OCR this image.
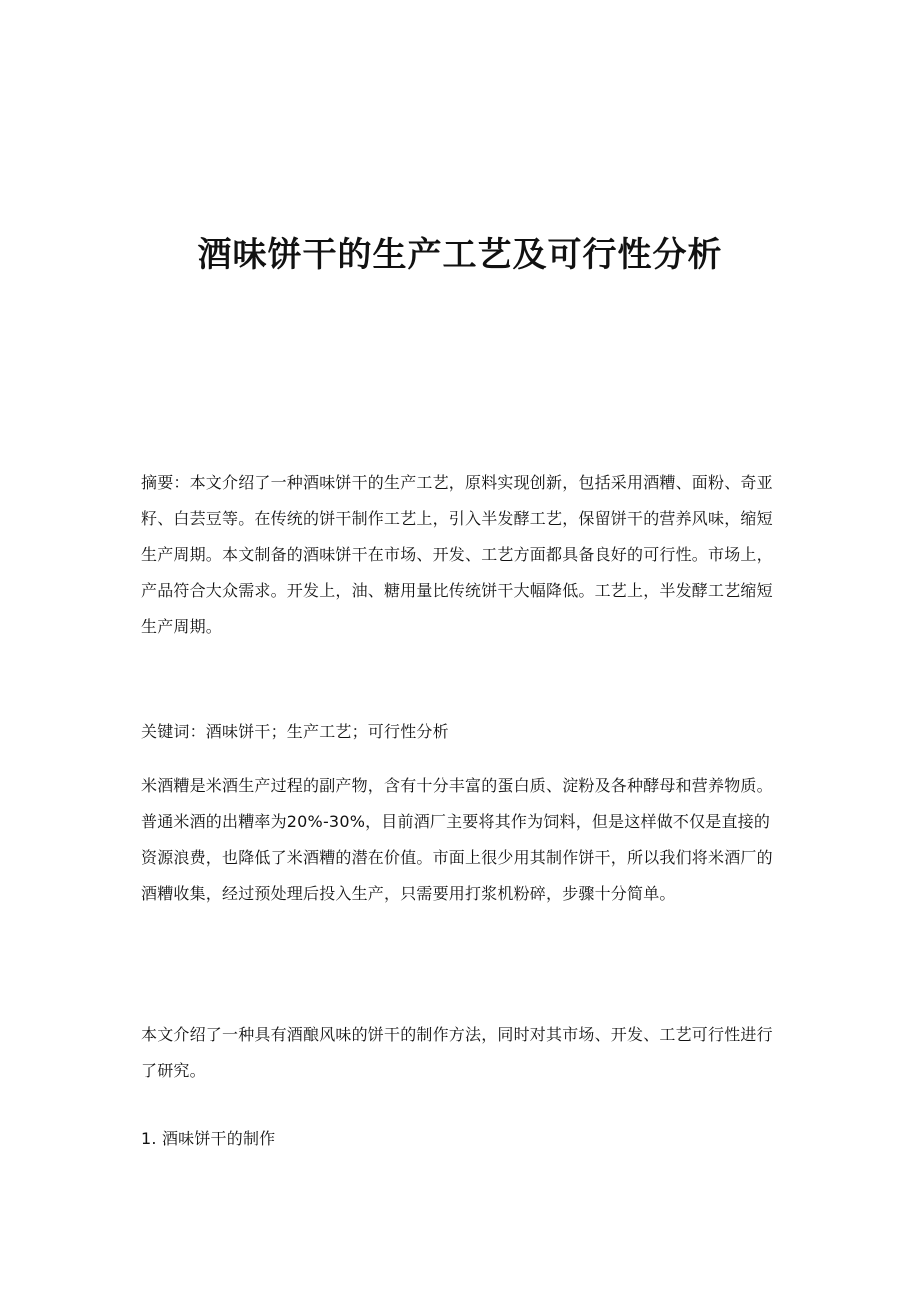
酒味饼干的生产工艺及可行性分析
摘要：本文介绍了一种酒味饼干的生产工艺，原料实现创新，包括采用酒糟、面粉、奇亚籽、白芸豆等。在传统的饼干制作工艺上，引入半发酵工艺，保留饼干的营养风味，缩短生产周期。本文制备的酒味饼干在市场、开发、工艺方面都具备良好的可行性。市场上，产品符合大众需求。开发上，油、糖用量比传统饼干大幅降低。工艺上，半发酵工艺缩短生产周期。
关键词：酒味饼干；生产工艺；可行性分析
米酒糟是米酒生产过程的副产物，含有十分丰富的蛋白质、淀粉及各种酵母和营养物质。普通米酒的出糟率为20%-30%，目前酒厂主要将其作为饲料，但是这样做不仅是直接的资源浪费，也降低了米酒糟的潜在价值。市面上很少用其制作饼干，所以我们将米酒厂的酒糟收集，经过预处理后投入生产，只需要用打浆机粉碎，步骤十分简单。
本文介绍了一种具有酒酿风味的饼干的制作方法，同时对其市场、开发、工艺可行性进行了研究。
1. 酒味饼干的制作
